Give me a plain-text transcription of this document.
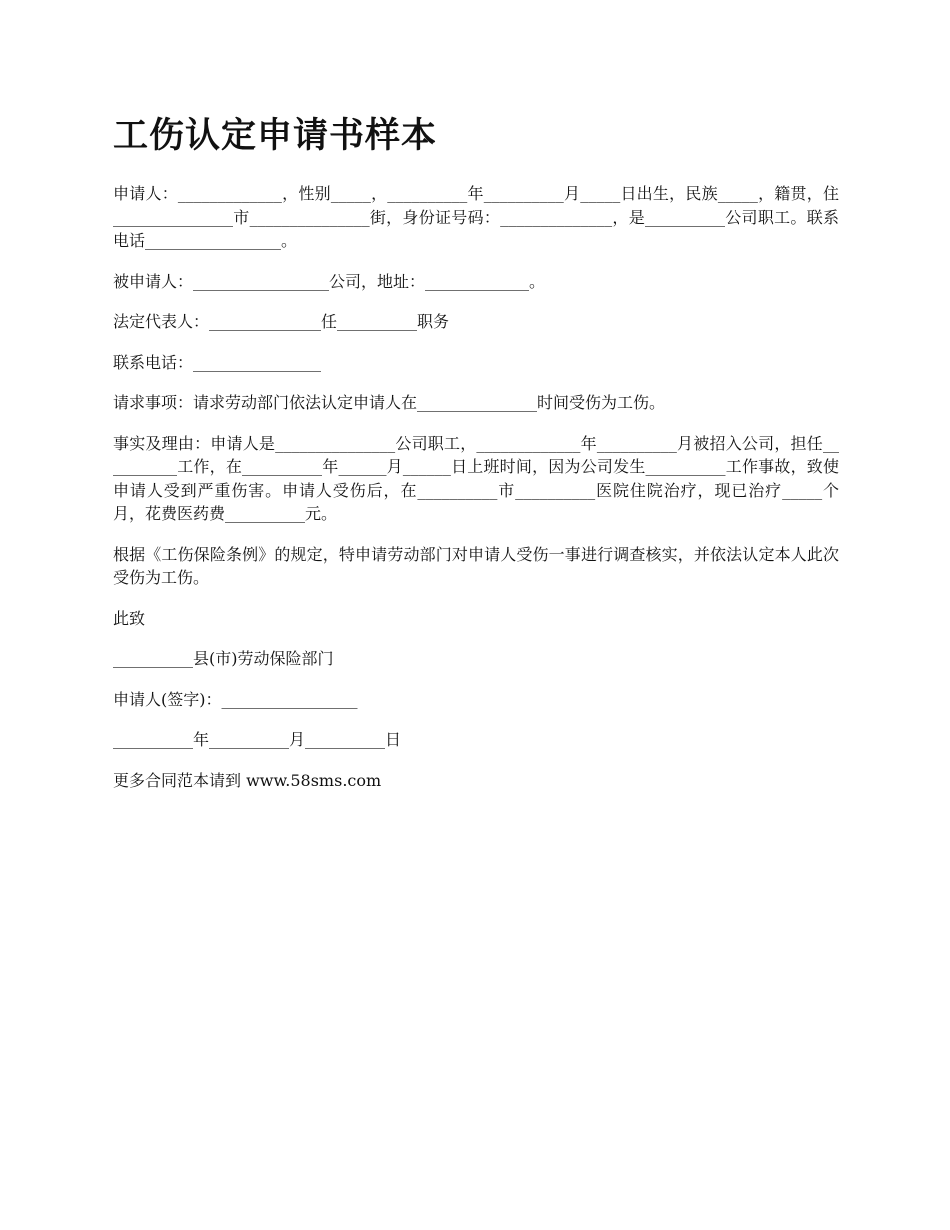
工伤认定申请书样本

申请人：_____________，性别_____，__________年__________月_____日出生，民族_____，籍贯，住_______________市_______________街，身份证号码：______________，是__________公司职工。联系电话_________________。

被申请人：_________________公司，地址：_____________。

法定代表人：______________任__________职务

联系电话：________________

请求事项：请求劳动部门依法认定申请人在_______________时间受伤为工伤。

事实及理由：申请人是_______________公司职工，_____________年__________月被招入公司，担任__________工作，在__________年______月______日上班时间，因为公司发生__________工作事故，致使申请人受到严重伤害。申请人受伤后，在__________市__________医院住院治疗，现已治疗_____个月，花费医药费__________元。

根据《工伤保险条例》的规定，特申请劳动部门对申请人受伤一事进行调查核实，并依法认定本人此次受伤为工伤。

此致

__________县(市)劳动保险部门

申请人(签字)：_________________

__________年__________月__________日

更多合同范本请到 www.58sms.com
